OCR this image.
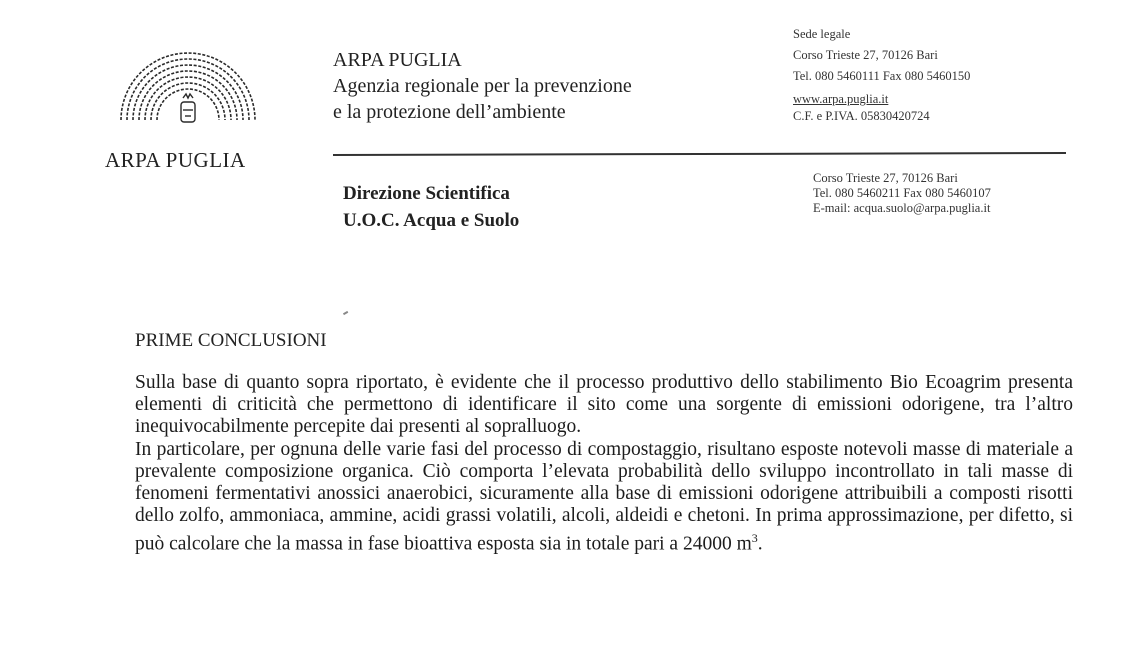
ARPA PUGLIA
ARPA PUGLIA
Agenzia regionale per la prevenzione
e la protezione dell’ambiente
Sede legale
Corso Trieste 27, 70126 Bari
Tel. 080 5460111 Fax 080 5460150
www.arpa.puglia.it
C.F. e P.IVA. 05830420724
Direzione Scientifica
U.O.C. Acqua e Suolo
Corso Trieste 27, 70126 Bari
Tel. 080 5460211 Fax 080 5460107
E-mail: acqua.suolo@arpa.puglia.it
PRIME CONCLUSIONI

Sulla base di quanto sopra riportato, è evidente che il processo produttivo dello stabilimento Bio Ecoagrim presenta elementi di criticità che permettono di identificare il sito come una sorgente di emissioni odorigene, tra l’altro inequivocabilmente percepite dai presenti al sopralluogo.

In particolare, per ognuna delle varie fasi del processo di compostaggio, risultano esposte notevoli masse di materiale a prevalente composizione organica. Ciò comporta l’elevata probabilità dello sviluppo incontrollato in tali masse di fenomeni fermentativi anossici anaerobici, sicuramente alla base di emissioni odorigene attribuibili a composti risotti dello zolfo, ammoniaca, ammine, acidi grassi volatili, alcoli, aldeidi e chetoni. In prima approssimazione, per difetto, si può calcolare che la massa in fase bioattiva esposta sia in totale pari a 24000 $m^3$.
